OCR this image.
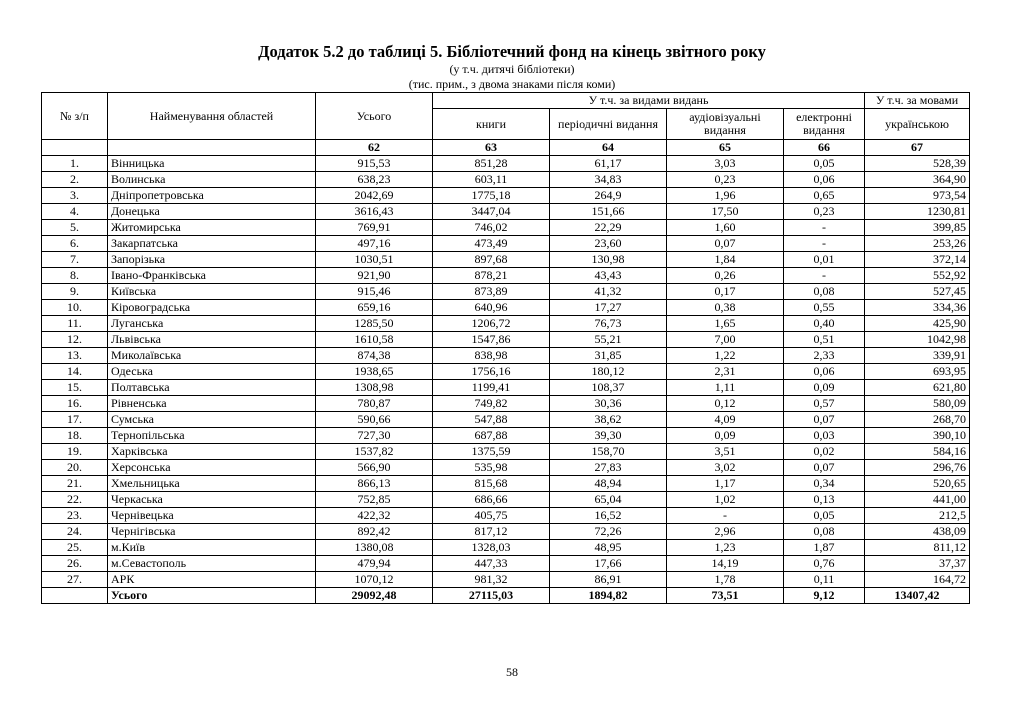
Додаток 5.2 до таблиці 5. Бібліотечний фонд на кінець звітного року
(у т.ч. дитячі бібліотеки)
(тис. прим., з двома знаками після коми)
№ з/п	Найменування областей	Усього	У т.ч. за видами видань				У т.ч. за мовами
			книги	періодичні видання	аудіовізуальні видання	електронні видання	українською
		62	63	64	65	66	67
1.	Вінницька	915,53	851,28	61,17	3,03	0,05	528,39
2.	Волинська	638,23	603,11	34,83	0,23	0,06	364,90
3.	Дніпропетровська	2042,69	1775,18	264,9	1,96	0,65	973,54
4.	Донецька	3616,43	3447,04	151,66	17,50	0,23	1230,81
5.	Житомирська	769,91	746,02	22,29	1,60	-	399,85
6.	Закарпатська	497,16	473,49	23,60	0,07	-	253,26
7.	Запорізька	1030,51	897,68	130,98	1,84	0,01	372,14
8.	Івано-Франківська	921,90	878,21	43,43	0,26	-	552,92
9.	Київська	915,46	873,89	41,32	0,17	0,08	527,45
10.	Кіровоградська	659,16	640,96	17,27	0,38	0,55	334,36
11.	Луганська	1285,50	1206,72	76,73	1,65	0,40	425,90
12.	Львівська	1610,58	1547,86	55,21	7,00	0,51	1042,98
13.	Миколаївська	874,38	838,98	31,85	1,22	2,33	339,91
14.	Одеська	1938,65	1756,16	180,12	2,31	0,06	693,95
15.	Полтавська	1308,98	1199,41	108,37	1,11	0,09	621,80
16.	Рівненська	780,87	749,82	30,36	0,12	0,57	580,09
17.	Сумська	590,66	547,88	38,62	4,09	0,07	268,70
18.	Тернопільська	727,30	687,88	39,30	0,09	0,03	390,10
19.	Харківська	1537,82	1375,59	158,70	3,51	0,02	584,16
20.	Херсонська	566,90	535,98	27,83	3,02	0,07	296,76
21.	Хмельницька	866,13	815,68	48,94	1,17	0,34	520,65
22.	Черкаська	752,85	686,66	65,04	1,02	0,13	441,00
23.	Чернівецька	422,32	405,75	16,52	-	0,05	212,5
24.	Чернігівська	892,42	817,12	72,26	2,96	0,08	438,09
25.	м.Київ	1380,08	1328,03	48,95	1,23	1,87	811,12
26.	м.Севастополь	479,94	447,33	17,66	14,19	0,76	37,37
27.	АРК	1070,12	981,32	86,91	1,78	0,11	164,72
	Усього	29092,48	27115,03	1894,82	73,51	9,12	13407,42
58
